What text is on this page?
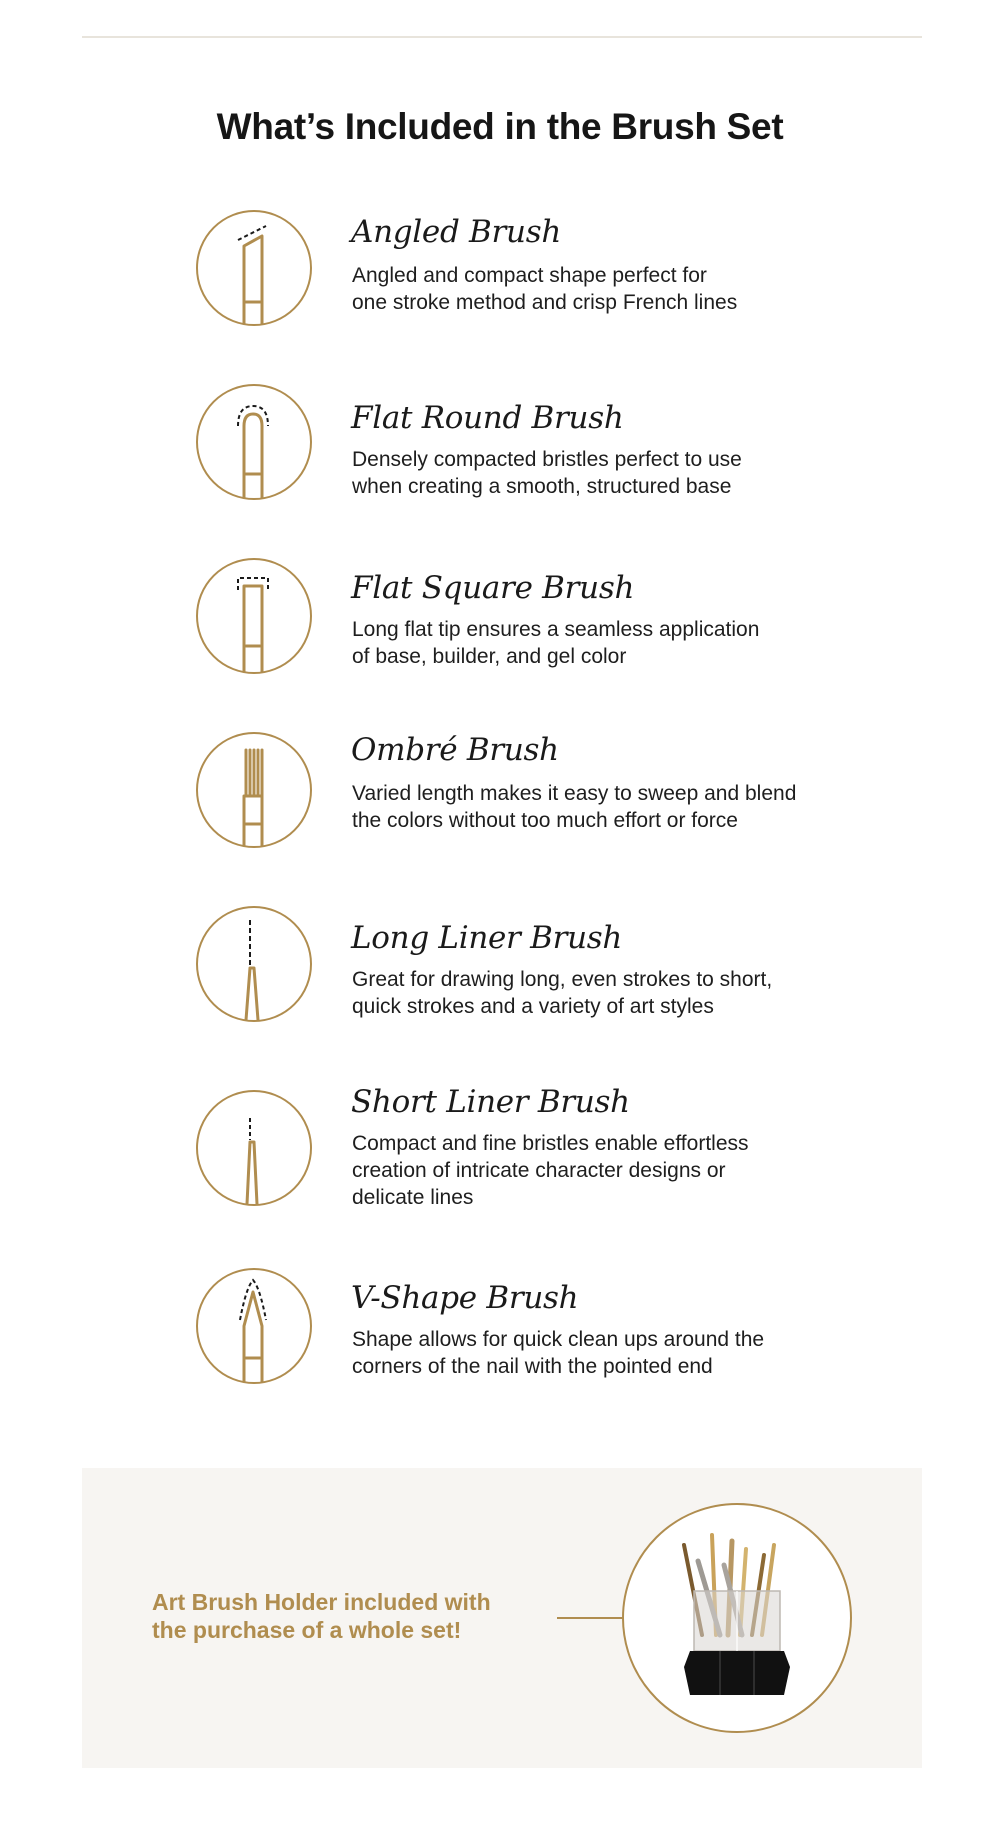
What’s Included in the Brush Set
Angled Brush
Angled and compact shape perfect for
one stroke method and crisp French lines
Flat Round Brush
Densely compacted bristles perfect to use
when creating a smooth, structured base
Flat Square Brush
Long flat tip ensures a seamless application
of base, builder, and gel color
Ombré Brush
Varied length makes it easy to sweep and blend
the colors without too much effort or force
Long Liner Brush
Great for drawing long, even strokes to short,
quick strokes and a variety of art styles
Short Liner Brush
Compact and fine bristles enable effortless
creation of intricate character designs or
delicate lines
V-Shape Brush
Shape allows for quick clean ups around the
corners of the nail with the pointed end
Art Brush Holder included with
the purchase of a whole set!
